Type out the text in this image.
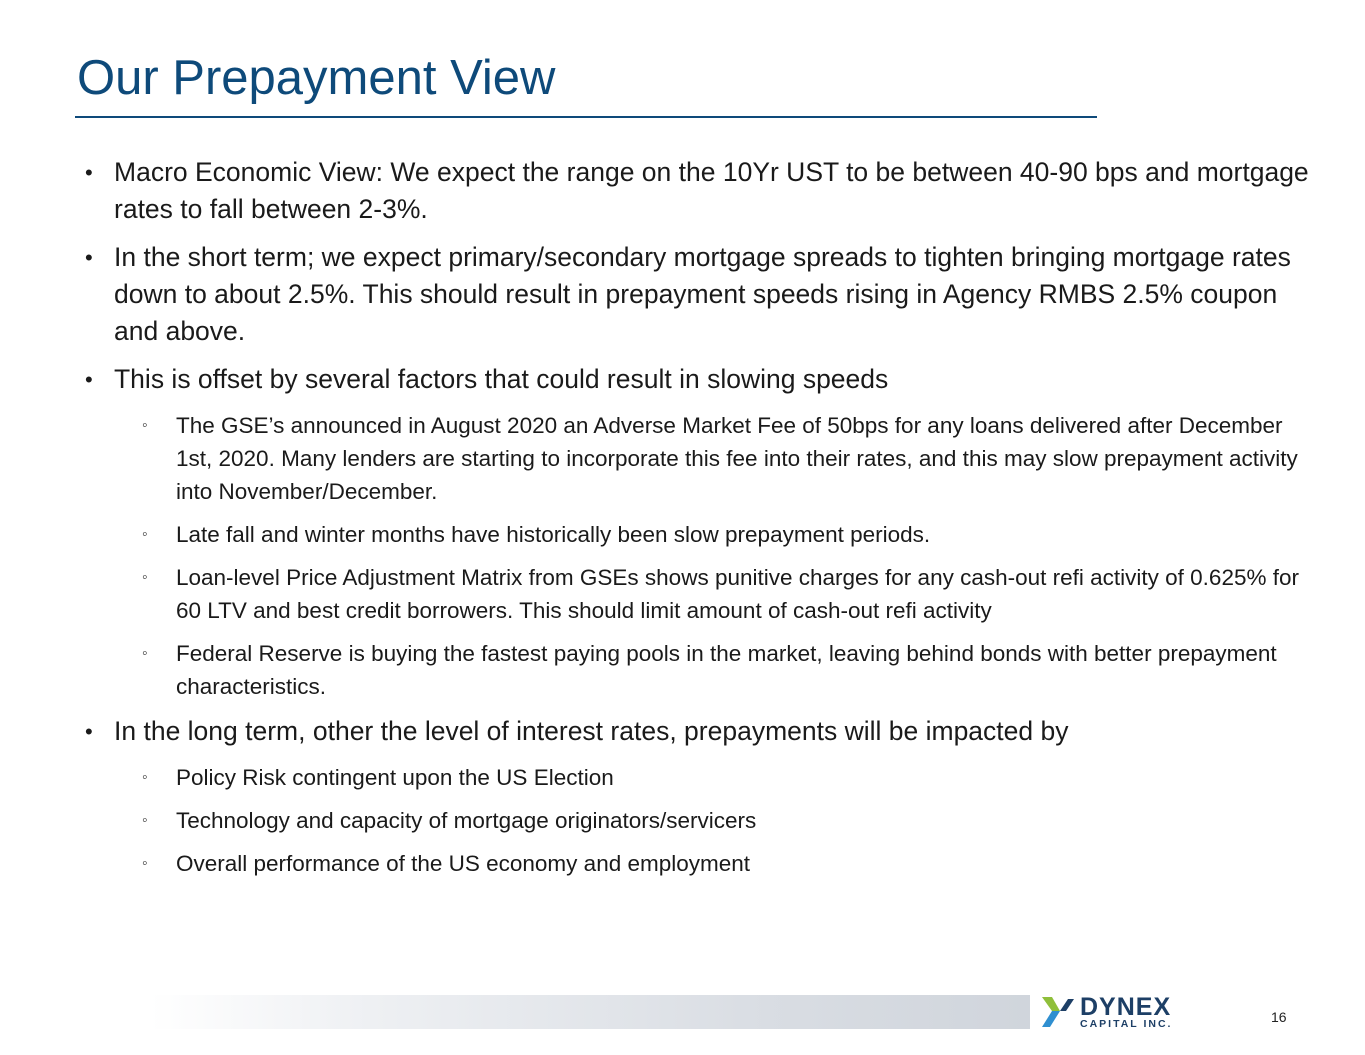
Our Prepayment View
• Macro Economic View: We expect the range on the 10Yr UST to be between 40-90 bps and mortgage rates to fall between 2-3%.
• In the short term; we expect primary/secondary mortgage spreads to tighten bringing mortgage rates down to about 2.5%. This should result in prepayment speeds rising in Agency RMBS 2.5% coupon and above.
• This is offset by several factors that could result in slowing speeds
◦ The GSE’s announced in August 2020 an Adverse Market Fee of 50bps for any loans delivered after December 1st, 2020. Many lenders are starting to incorporate this fee into their rates, and this may slow prepayment activity into November/December.
◦ Late fall and winter months have historically been slow prepayment periods.
◦ Loan-level Price Adjustment Matrix from GSEs shows punitive charges for any cash-out refi activity of 0.625% for 60 LTV and best credit borrowers. This should limit amount of cash-out refi activity
◦ Federal Reserve is buying the fastest paying pools in the market, leaving behind bonds with better prepayment characteristics.
• In the long term, other the level of interest rates, prepayments will be impacted by
◦ Policy Risk contingent upon the US Election
◦ Technology and capacity of mortgage originators/servicers
◦ Overall performance of the US economy and employment
DYNEX
CAPITAL INC.	16
